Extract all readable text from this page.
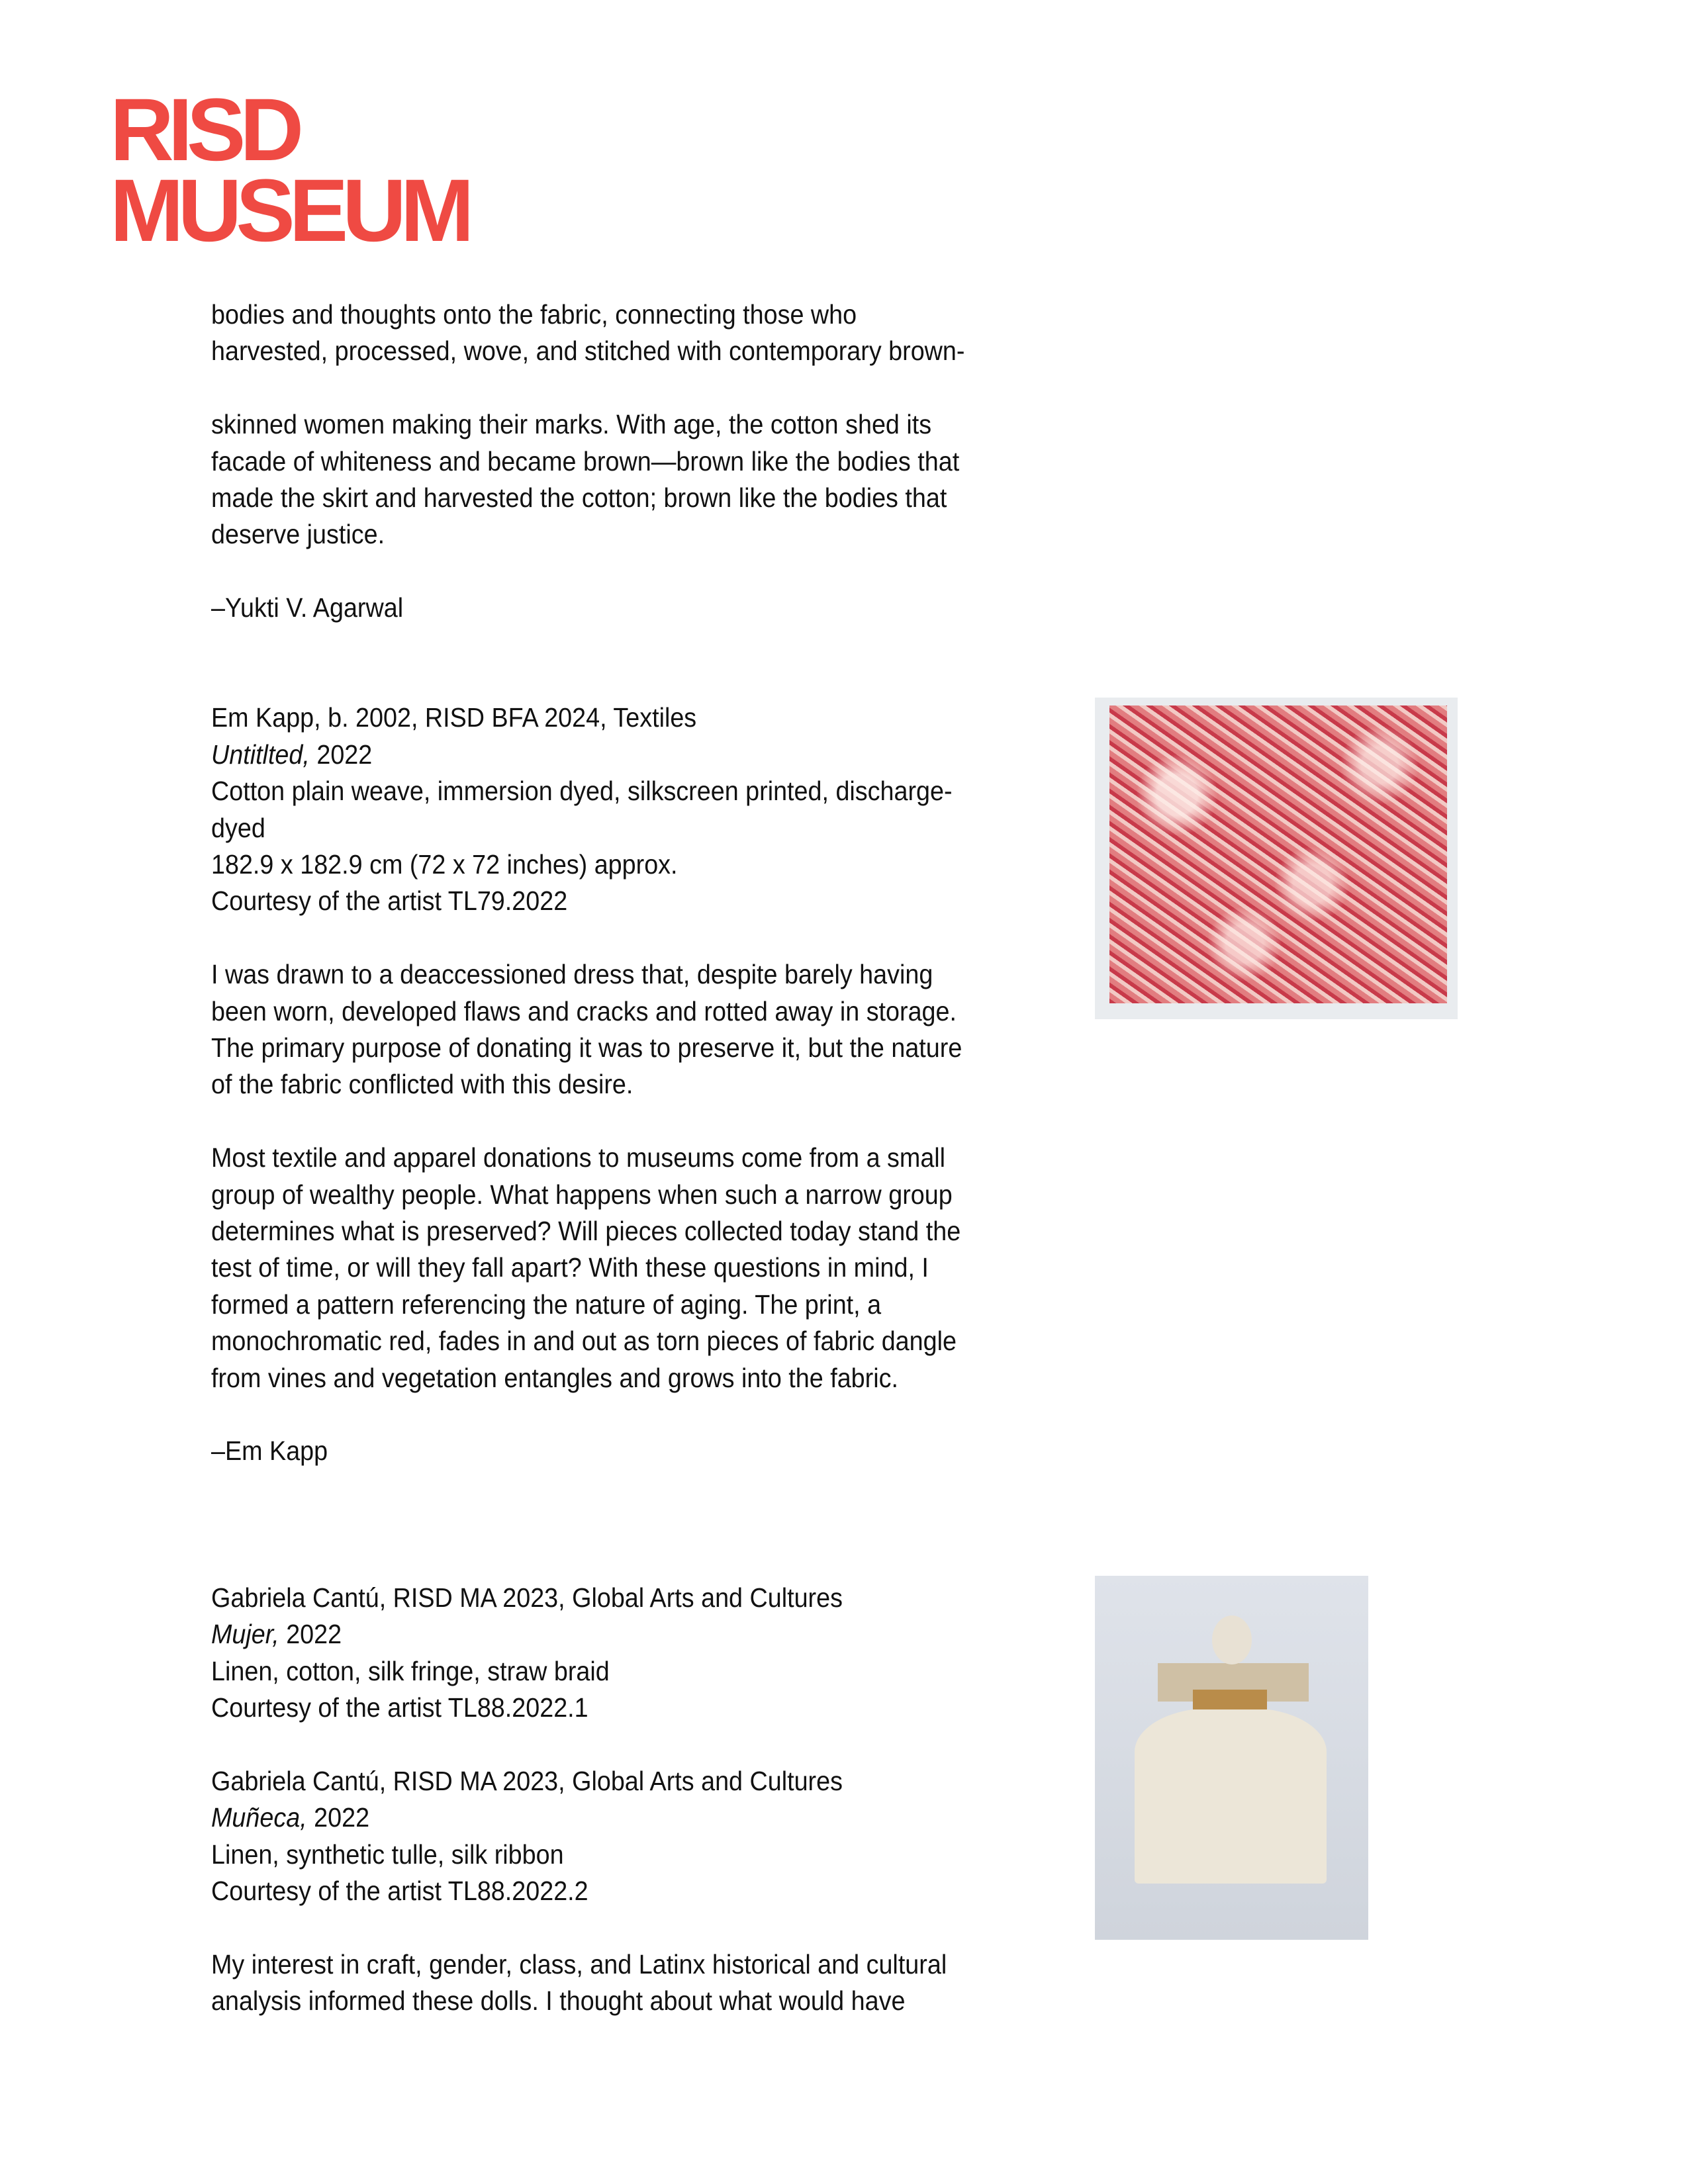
RISD
MUSEUM
bodies and thoughts onto the fabric, connecting those who
harvested, processed, wove, and stitched with contemporary brown-
skinned women making their marks. With age, the cotton shed its
facade of whiteness and became brown—brown like the bodies that
made the skirt and harvested the cotton; brown like the bodies that
deserve justice.
–Yukti V. Agarwal
Em Kapp, b. 2002, RISD BFA 2024, Textiles
Untitlted, 2022
Cotton plain weave, immersion dyed, silkscreen printed, discharge-
dyed
182.9 x 182.9 cm (72 x 72 inches) approx.
Courtesy of the artist TL79.2022
I was drawn to a deaccessioned dress that, despite barely having
been worn, developed flaws and cracks and rotted away in storage.
The primary purpose of donating it was to preserve it, but the nature
of the fabric conflicted with this desire.
Most textile and apparel donations to museums come from a small
group of wealthy people. What happens when such a narrow group
determines what is preserved? Will pieces collected today stand the
test of time, or will they fall apart? With these questions in mind, I
formed a pattern referencing the nature of aging. The print, a
monochromatic red, fades in and out as torn pieces of fabric dangle
from vines and vegetation entangles and grows into the fabric.
–Em Kapp
Gabriela Cantú, RISD MA 2023, Global Arts and Cultures
Mujer, 2022
Linen, cotton, silk fringe, straw braid
Courtesy of the artist TL88.2022.1
Gabriela Cantú, RISD MA 2023, Global Arts and Cultures
Muñeca, 2022
Linen, synthetic tulle, silk ribbon
Courtesy of the artist TL88.2022.2
My interest in craft, gender, class, and Latinx historical and cultural
analysis informed these dolls. I thought about what would have
